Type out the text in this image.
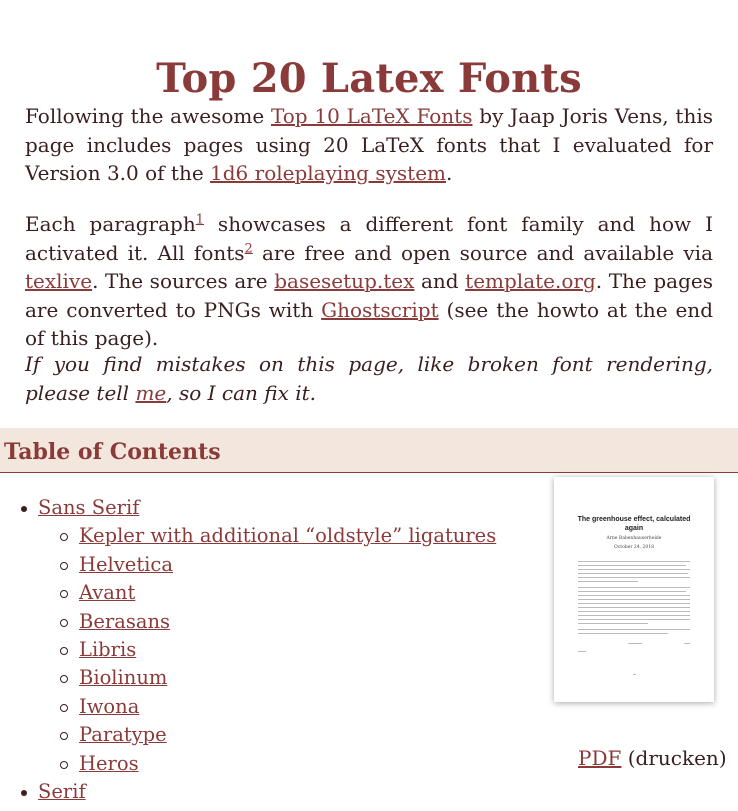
Top 20 Latex Fonts

Following the awesome Top 10 LaTeX Fonts by Jaap Joris Vens, this page includes pages using 20 LaTeX fonts that I evaluated for Version 3.0 of the 1d6 roleplaying system.

Each paragraph$^1$ showcases a different font family and how I activated it. All fonts$^2$ are free and open source and available via texlive. The sources are basesetup.tex and template.org. The pages are converted to PNGs with Ghostscript (see the howto at the end of this page).

If you find mistakes on this page, like broken font rendering, please tell me, so I can fix it.

Table of Contents
Sans Serif
Kepler with additional “oldstyle” ligatures
Helvetica
Avant
Berasans
Libris
Biolinum
Iwona
Paratype
Heros
Serif
The greenhouse effect, calculated again
Arne Babenhauserheide
October 24, 2018
PDF (drucken)
